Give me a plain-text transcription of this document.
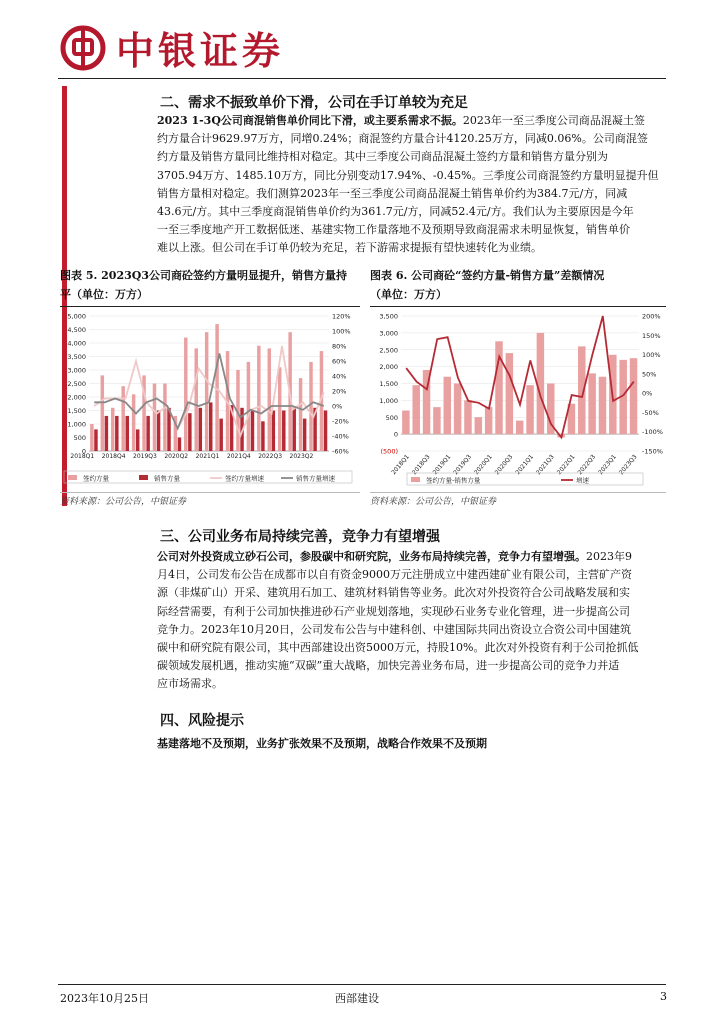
中银证券
二、需求不振致单价下滑，公司在手订单较为充足
2023 1-3Q公司商混销售单价同比下滑，或主要系需求不振。2023年一至三季度公司商品混凝土签
约方量合计9629.97万方，同增0.24%；商混签约方量合计4120.25万方，同减0.06%。公司商混签
约方量及销售方量同比维持相对稳定。其中三季度公司商品混凝土签约方量和销售方量分别为
3705.94万方、1485.10万方，同比分别变动17.94%、-0.45%。三季度公司商混签约方量明显提升但
销售方量相对稳定。我们测算2023年一至三季度公司商品混凝土销售单价约为384.7元/方，同减
43.6元/方。其中三季度商混销售单价约为361.7元/方，同减52.4元/方。我们认为主要原因是今年
一至三季度地产开工数据低迷、基建实物工作量落地不及预期导致商混需求未明显恢复，销售单价
难以上涨。但公司在手订单仍较为充足，若下游需求提振有望快速转化为业绩。
图表 5. 2023Q3公司商砼签约方量明显提升，销售方量持
平（单位：万方）
0
500
1,000
1,500
2,000
2,500
3,000
3,500
4,000
4,500
5,000
-60%
-40%
-20%
0%
20%
40%
60%
80%
100%
120%
2018Q1 2018Q4 2019Q3 2020Q2 2021Q1 2021Q4 2022Q3 2023Q2
签约方量	销售方量	签约方量增速	销售方量增速
资料来源：公司公告，中银证券
图表 6. 公司商砼“签约方量-销售方量”差额情况
（单位：万方）
(500)
0
500
1,000
1,500
2,000
2,500
3,000
3,500
-150%
-100%
-50%
0%
50%
100%
150%
200%
2018Q1 2018Q3 2019Q1 2019Q3 2020Q1 2020Q3 2021Q1 2021Q3 2022Q1 2022Q3 2023Q1 2023Q3
签约方量-销售方量	增速
资料来源：公司公告，中银证券
三、公司业务布局持续完善，竞争力有望增强
公司对外投资成立砂石公司，参股碳中和研究院，业务布局持续完善，竞争力有望增强。2023年9
月4日，公司发布公告在成都市以自有资金9000万元注册成立中建西建矿业有限公司，主营矿产资
源（非煤矿山）开采、建筑用石加工、建筑材料销售等业务。此次对外投资符合公司战略发展和实
际经营需要，有利于公司加快推进砂石产业规划落地，实现砂石业务专业化管理，进一步提高公司
竞争力。2023年10月20日，公司发布公告与中建科创、中建国际共同出资设立合资公司中国建筑
碳中和研究院有限公司，其中西部建设出资5000万元，持股10%。此次对外投资有利于公司抢抓低
碳领域发展机遇，推动实施“双碳”重大战略，加快完善业务布局，进一步提高公司的竞争力并适
应市场需求。
四、风险提示
基建落地不及预期，业务扩张效果不及预期，战略合作效果不及预期
2023年10月25日	西部建设	3
